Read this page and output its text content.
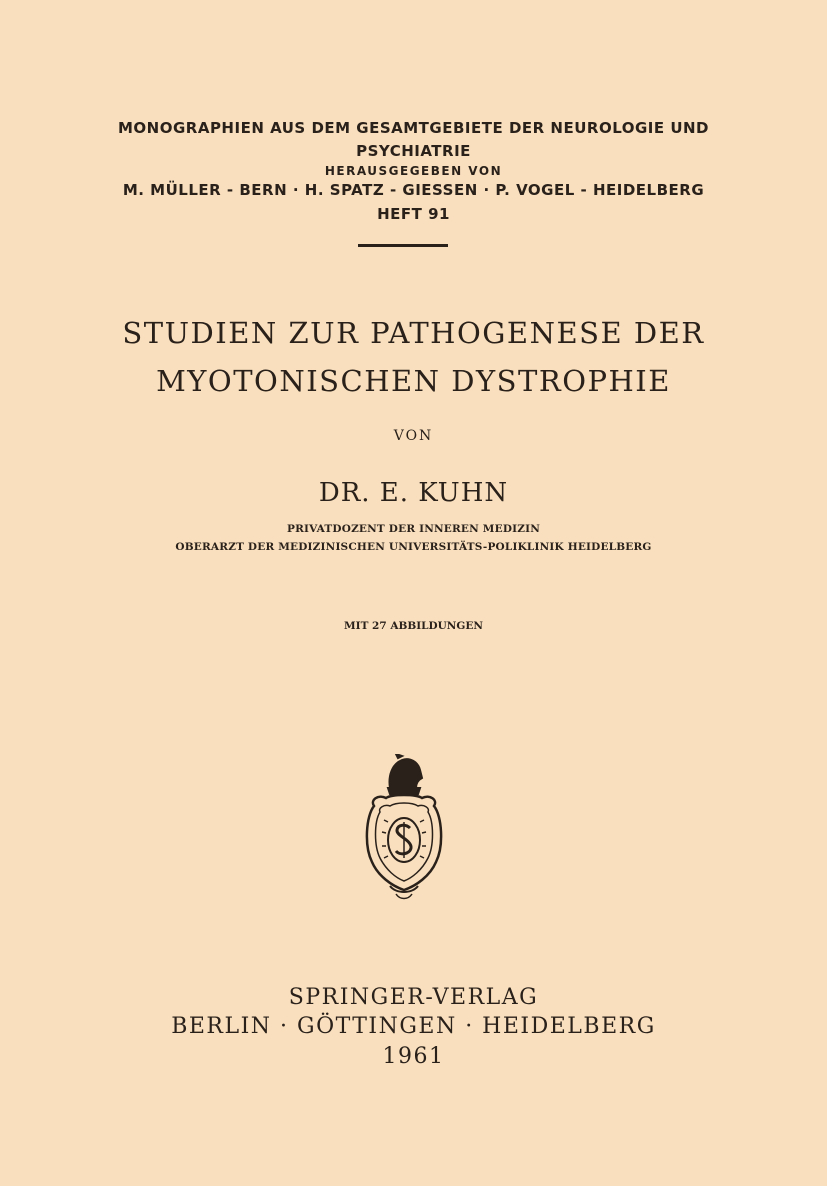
MONOGRAPHIEN AUS DEM GESAMTGEBIETE DER NEUROLOGIE UND
PSYCHIATRIE
HERAUSGEGEBEN VON
M. MÜLLER - BERN · H. SPATZ - GIESSEN · P. VOGEL - HEIDELBERG
HEFT 91
STUDIEN ZUR PATHOGENESE DER
MYOTONISCHEN DYSTROPHIE
VON
DR. E. KUHN
PRIVATDOZENT DER INNEREN MEDIZIN
OBERARZT DER MEDIZINISCHEN UNIVERSITÄTS-POLIKLINIK HEIDELBERG
MIT 27 ABBILDUNGEN
SPRINGER-VERLAG
BERLIN · GÖTTINGEN · HEIDELBERG
1961
